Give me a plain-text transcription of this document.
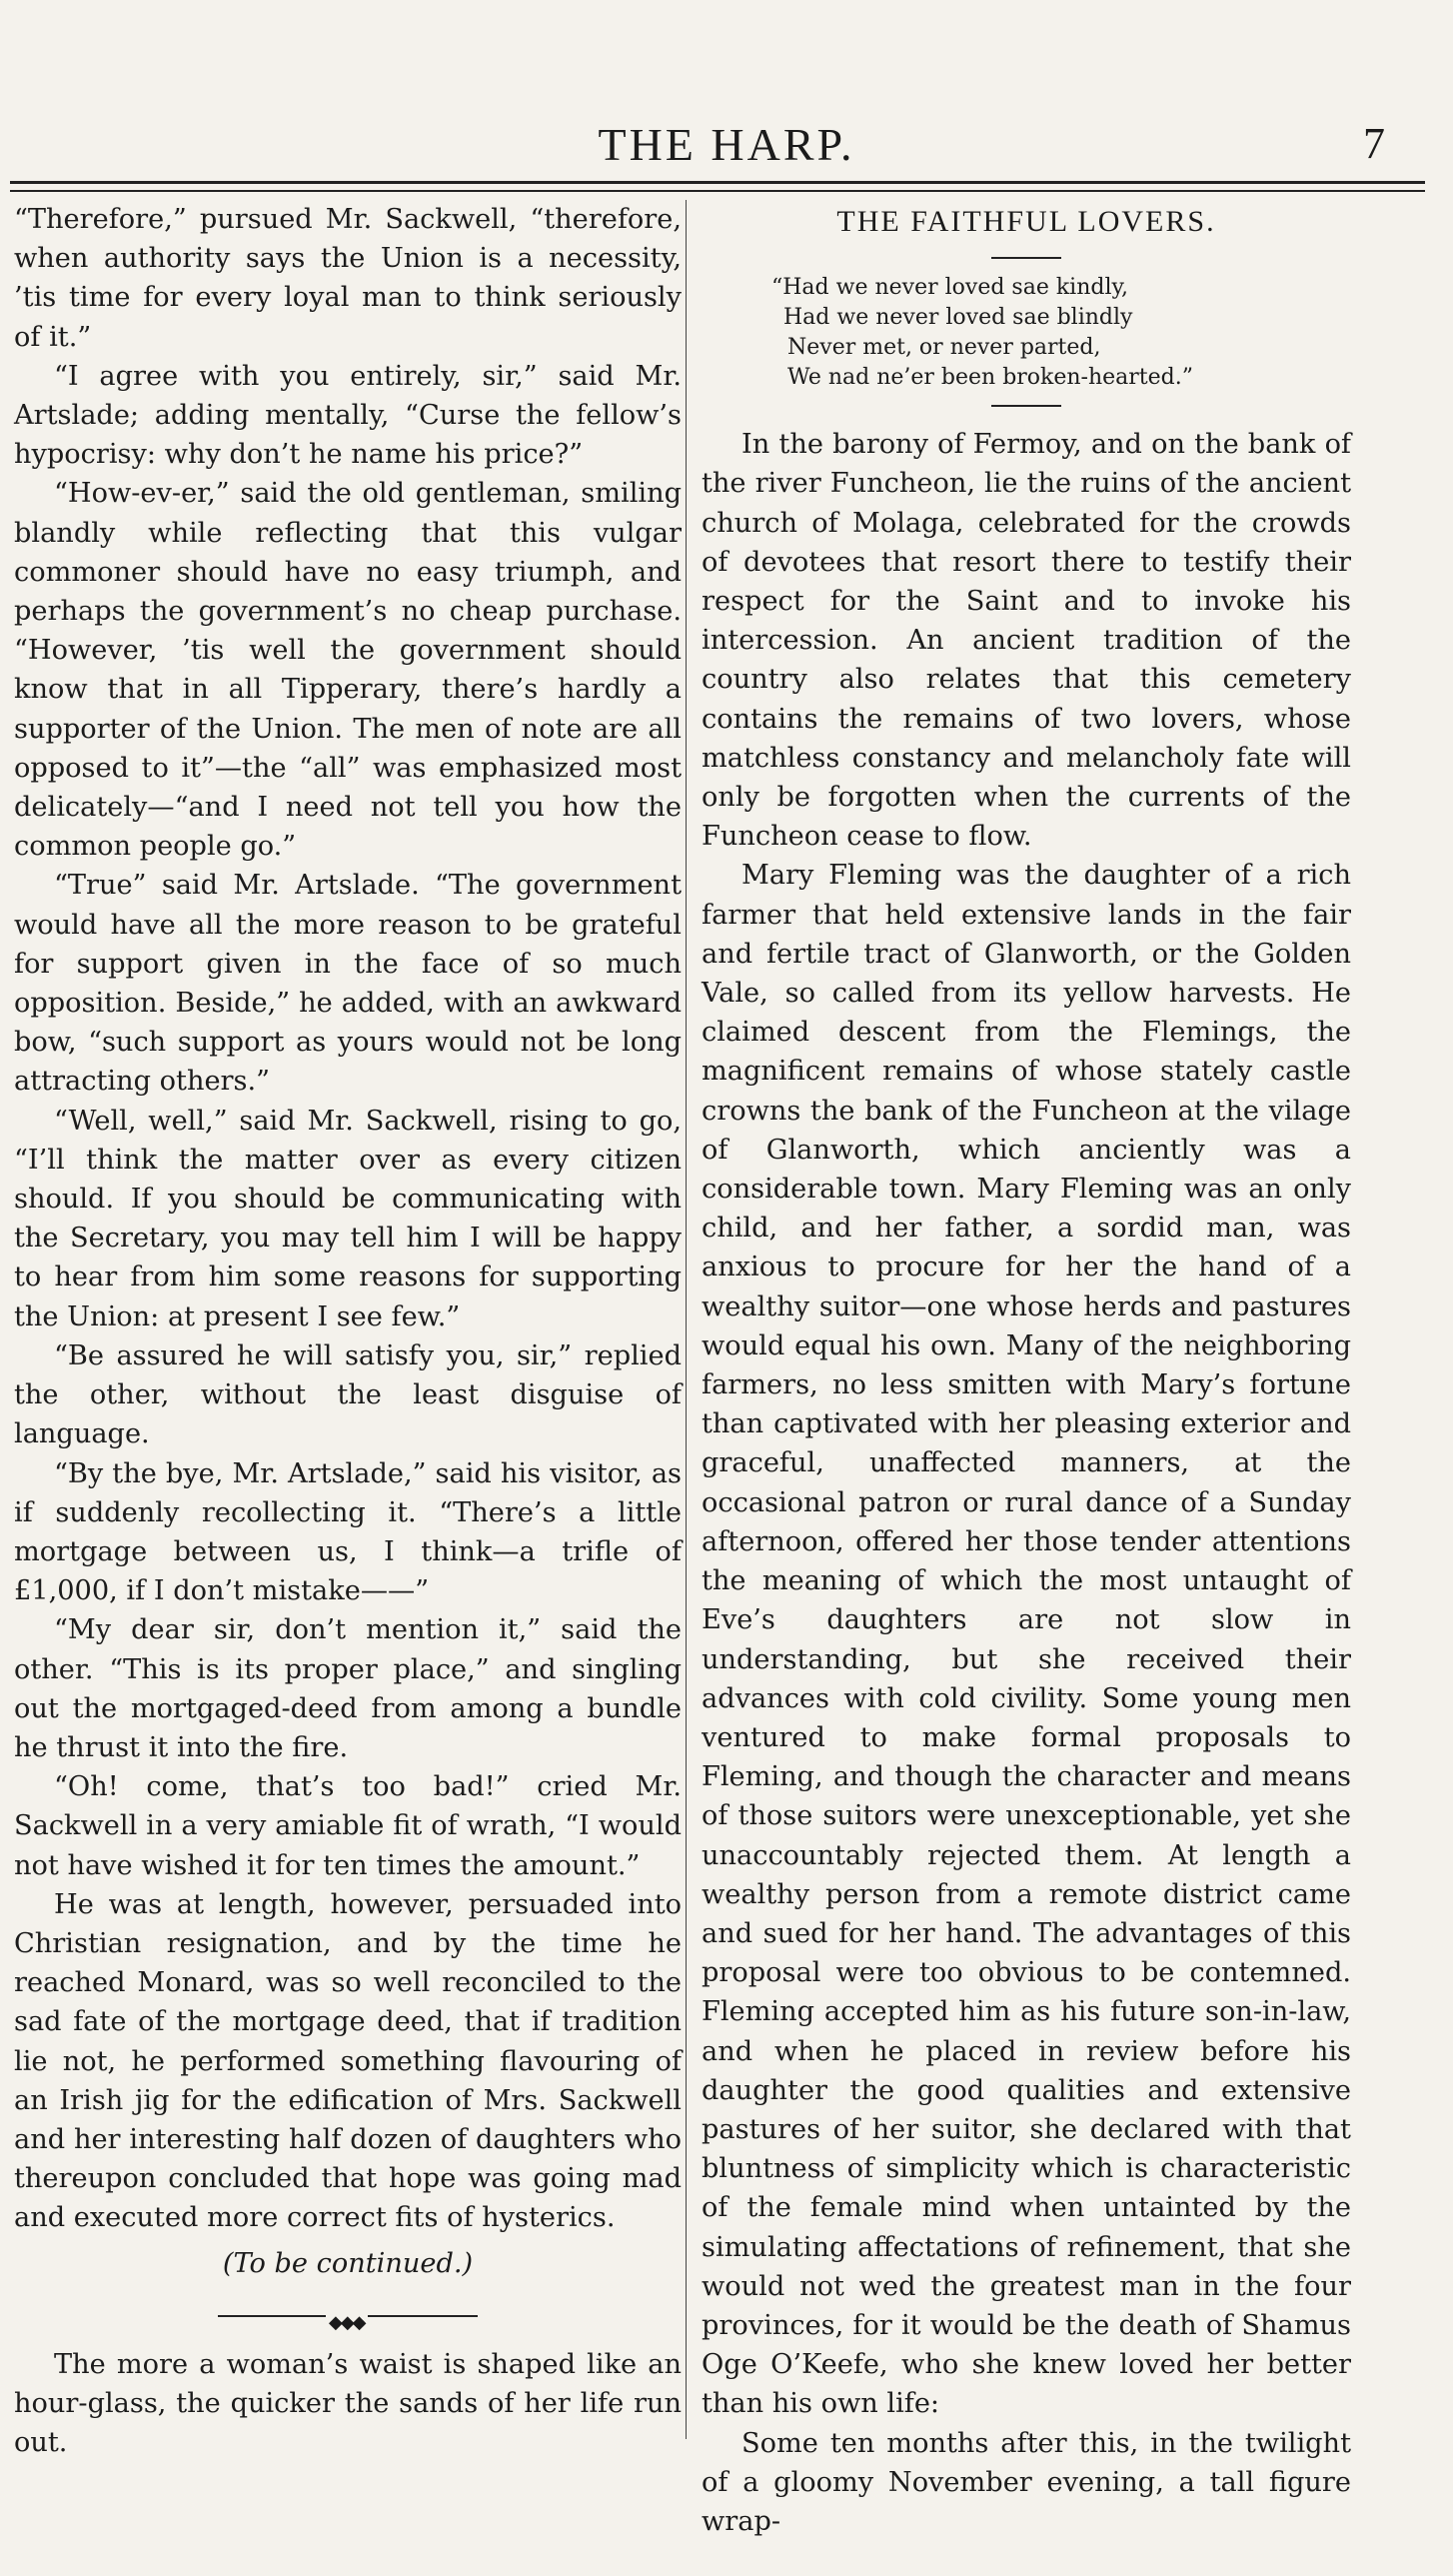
THE HARP.	7

“Therefore,” pursued Mr. Sackwell, “therefore, when authority says the Union is a necessity, ’tis time for every loyal man to think seriously of it.”

“I agree with you entirely, sir,” said Mr. Artslade; adding mentally, “Curse the fellow’s hypocrisy: why don’t he name his price?”

“How-ev-er,” said the old gentleman, smiling blandly while reflecting that this vulgar commoner should have no easy triumph, and perhaps the government’s no cheap purchase. “However, ’tis well the government should know that in all Tipperary, there’s hardly a supporter of the Union. The men of note are all opposed to it”—the “all” was emphasized most delicately—“and I need not tell you how the common people go.”

“True” said Mr. Artslade. “The government would have all the more reason to be grateful for support given in the face of so much opposition. Beside,” he added, with an awkward bow, “such support as yours would not be long attracting others.”

“Well, well,” said Mr. Sackwell, rising to go, “I’ll think the matter over as every citizen should. If you should be communicating with the Secretary, you may tell him I will be happy to hear from him some reasons for supporting the Union: at present I see few.”

“Be assured he will satisfy you, sir,” replied the other, without the least disguise of language.

“By the bye, Mr. Artslade,” said his visitor, as if suddenly recollecting it. “There’s a little mortgage between us, I think—a trifle of £1,000, if I don’t mistake——”

“My dear sir, don’t mention it,” said the other. “This is its proper place,” and singling out the mortgaged-deed from among a bundle he thrust it into the fire.

“Oh! come, that’s too bad!” cried Mr. Sackwell in a very amiable fit of wrath, “I would not have wished it for ten times the amount.”

He was at length, however, persuaded into Christian resignation, and by the time he reached Monard, was so well reconciled to the sad fate of the mortgage deed, that if tradition lie not, he performed something flavouring of an Irish jig for the edification of Mrs. Sackwell and her interesting half dozen of daughters who thereupon concluded that hope was going mad and executed more correct fits of hysterics.

(To be continued.)

◆◆◆

The more a woman’s waist is shaped like an hour-glass, the quicker the sands of her life run out.

THE FAITHFUL LOVERS.
“Had we never loved sae kindly,
Had we never loved sae blindly
Never met, or never parted,
We nad ne’er been broken-hearted.”

In the barony of Fermoy, and on the bank of the river Funcheon, lie the ruins of the ancient church of Molaga, celebrated for the crowds of devotees that resort there to testify their respect for the Saint and to invoke his intercession. An ancient tradition of the country also relates that this cemetery contains the remains of two lovers, whose matchless constancy and melancholy fate will only be forgotten when the currents of the Funcheon cease to flow.

Mary Fleming was the daughter of a rich farmer that held extensive lands in the fair and fertile tract of Glanworth, or the Golden Vale, so called from its yellow harvests. He claimed descent from the Flemings, the magnificent remains of whose stately castle crowns the bank of the Funcheon at the vilage of Glanworth, which anciently was a considerable town. Mary Fleming was an only child, and her father, a sordid man, was anxious to procure for her the hand of a wealthy suitor—one whose herds and pastures would equal his own. Many of the neighboring farmers, no less smitten with Mary’s fortune than captivated with her pleasing exterior and graceful, unaffected manners, at the occasional patron or rural dance of a Sunday afternoon, offered her those tender attentions the meaning of which the most untaught of Eve’s daughters are not slow in understanding, but she received their advances with cold civility. Some young men ventured to make formal proposals to Fleming, and though the character and means of those suitors were unexceptionable, yet she unaccountably rejected them. At length a wealthy person from a remote district came and sued for her hand. The advantages of this proposal were too obvious to be contemned. Fleming accepted him as his future son-in-law, and when he placed in review before his daughter the good qualities and extensive pastures of her suitor, she declared with that bluntness of simplicity which is characteristic of the female mind when untainted by the simulating affectations of refinement, that she would not wed the greatest man in the four provinces, for it would be the death of Shamus Oge O’Keefe, who she knew loved her better than his own life:

Some ten months after this, in the twilight of a gloomy November evening, a tall figure wrap-
